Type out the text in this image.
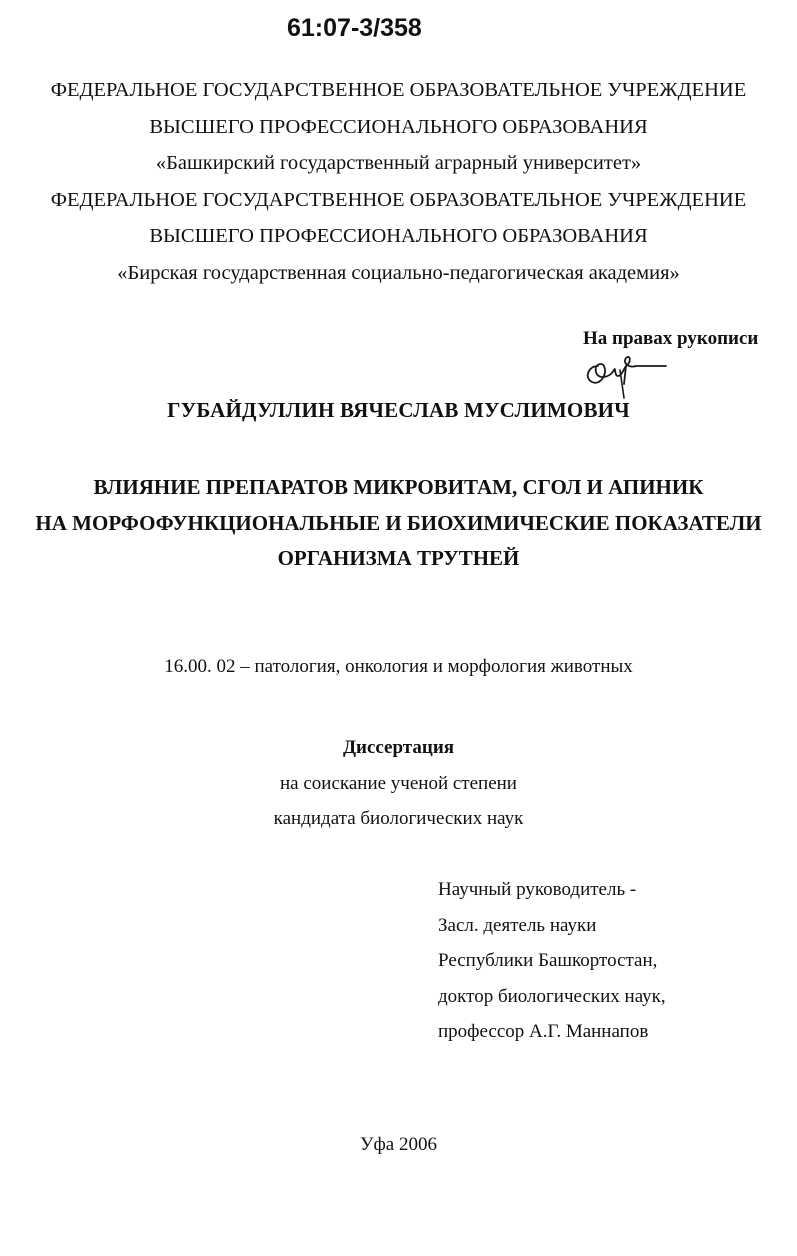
61:07-3/358
ФЕДЕРАЛЬНОЕ ГОСУДАРСТВЕННОЕ ОБРАЗОВАТЕЛЬНОЕ УЧРЕЖДЕНИЕ
ВЫСШЕГО ПРОФЕССИОНАЛЬНОГО ОБРАЗОВАНИЯ
«Башкирский государственный аграрный университет»
ФЕДЕРАЛЬНОЕ ГОСУДАРСТВЕННОЕ ОБРАЗОВАТЕЛЬНОЕ УЧРЕЖДЕНИЕ
ВЫСШЕГО ПРОФЕССИОНАЛЬНОГО ОБРАЗОВАНИЯ
«Бирская государственная социально-педагогическая академия»
На правах рукописи
ГУБАЙДУЛЛИН ВЯЧЕСЛАВ МУСЛИМОВИЧ
ВЛИЯНИЕ ПРЕПАРАТОВ МИКРОВИТАМ, СГОЛ И АПИНИК
НА МОРФОФУНКЦИОНАЛЬНЫЕ И БИОХИМИЧЕСКИЕ ПОКАЗАТЕЛИ
ОРГАНИЗМА ТРУТНЕЙ
16.00. 02 – патология, онкология и морфология животных
Диссертация
на соискание ученой степени
кандидата биологических наук
Научный руководитель -
Засл. деятель науки
Республики Башкортостан,
доктор биологических наук,
профессор А.Г. Маннапов
Уфа 2006
